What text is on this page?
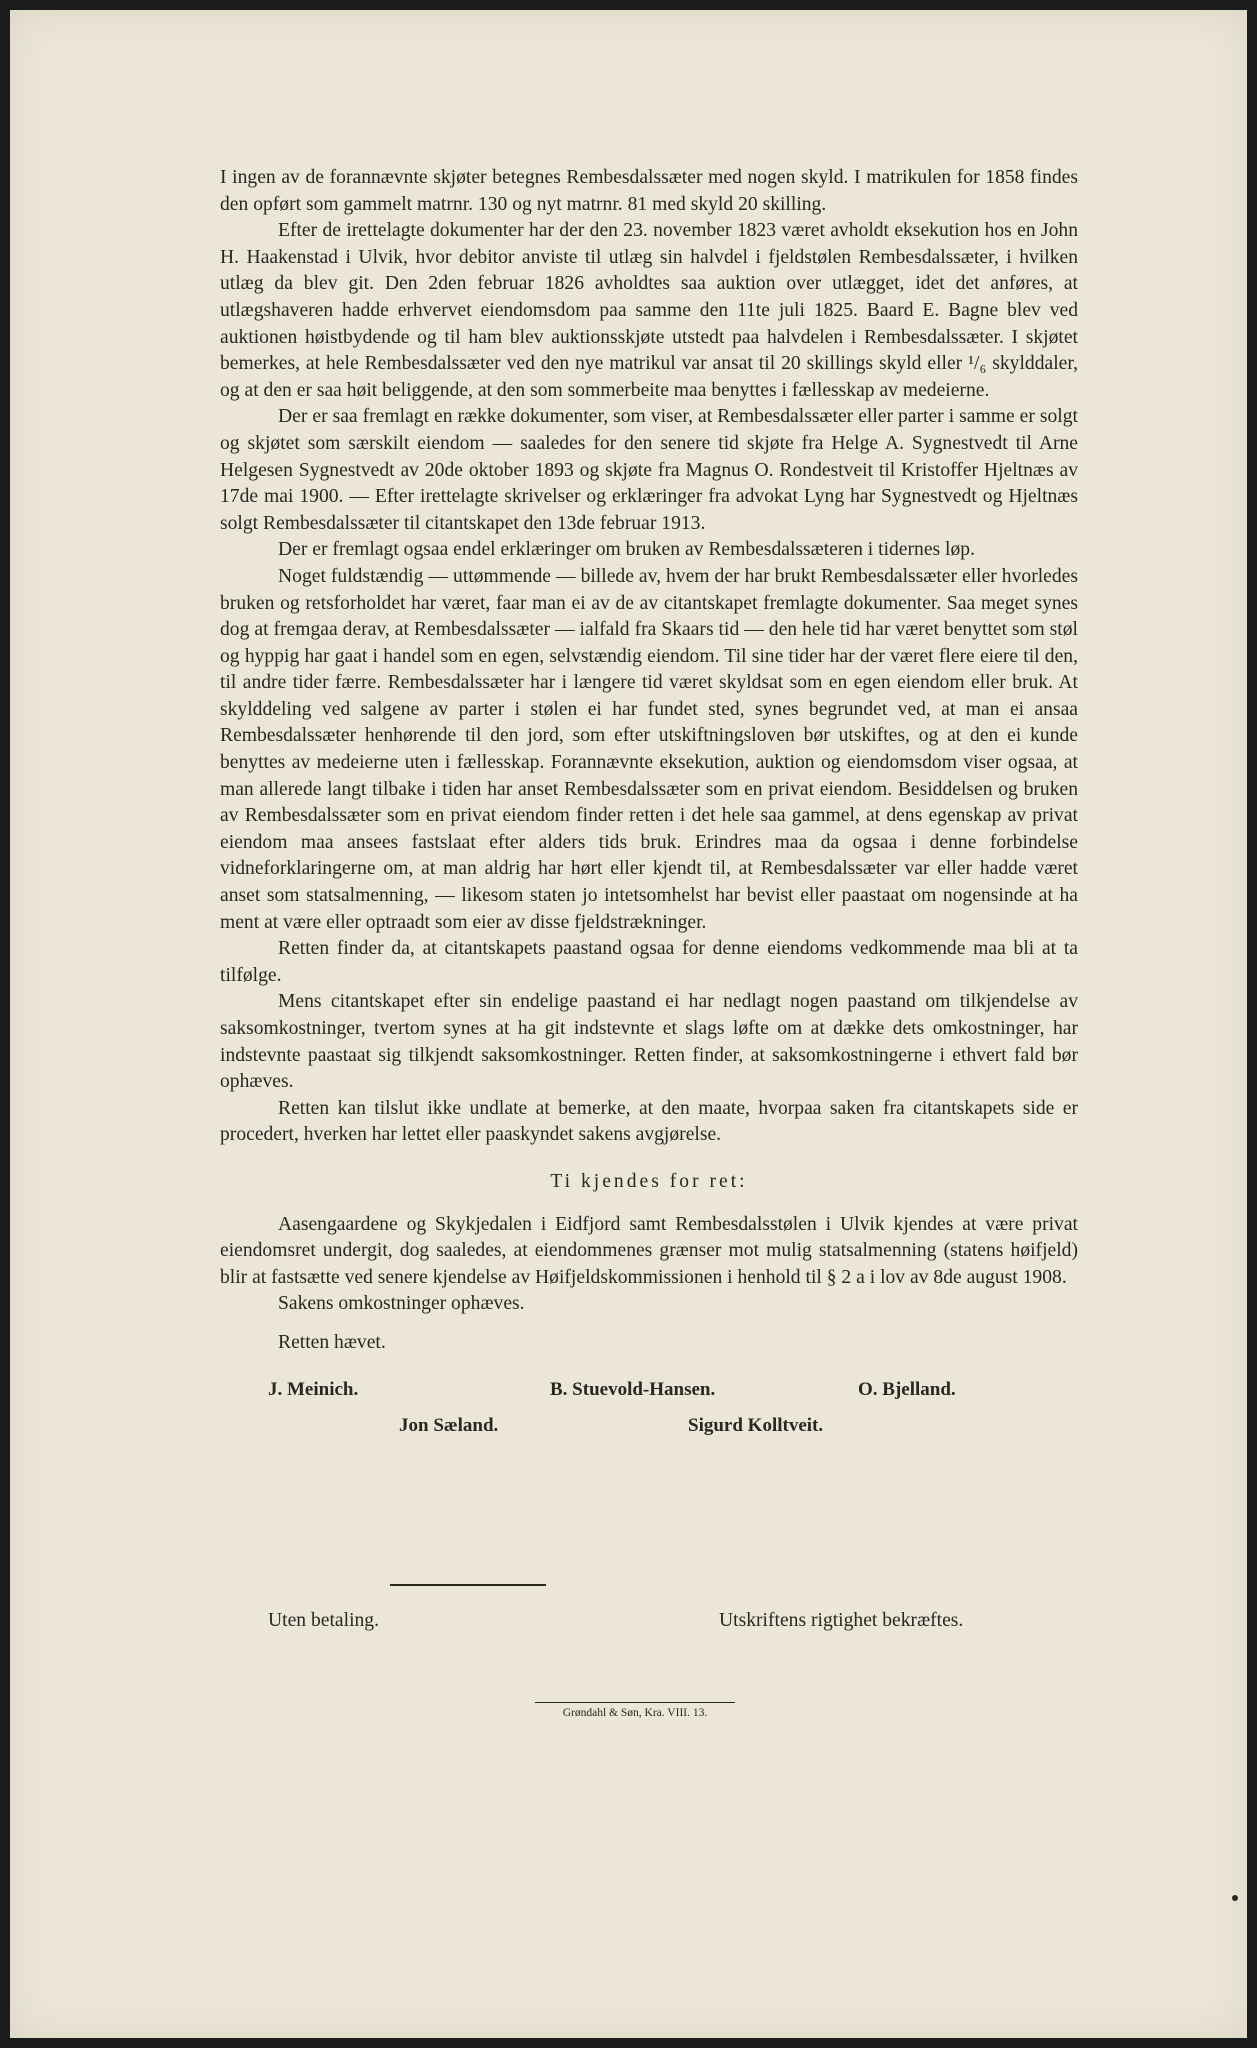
I ingen av de forannævnte skjøter betegnes Rembesdalssæter med nogen skyld. I matrikulen for 1858 findes den opført som gammelt matrnr. 130 og nyt matrnr. 81 med skyld 20 skilling.

Efter de irettelagte dokumenter har der den 23. november 1823 været avholdt eksekution hos en John H. Haakenstad i Ulvik, hvor debitor anviste til utlæg sin halvdel i fjeldstølen Rembesdalssæter, i hvilken utlæg da blev git. Den 2den februar 1826 avholdtes saa auktion over utlægget, idet det anføres, at utlægshaveren hadde erhvervet eiendomsdom paa samme den 11te juli 1825. Baard E. Bagne blev ved auktionen høistbydende og til ham blev auktionsskjøte utstedt paa halvdelen i Rembesdalssæter. I skjøtet bemerkes, at hele Rembesdalssæter ved den nye matrikul var ansat til 20 skillings skyld eller ¹/₆ skylddaler, og at den er saa høit beliggende, at den som sommerbeite maa benyttes i fællesskap av medeierne.

Der er saa fremlagt en række dokumenter, som viser, at Rembesdalssæter eller parter i samme er solgt og skjøtet som særskilt eiendom — saaledes for den senere tid skjøte fra Helge A. Sygnestvedt til Arne Helgesen Sygnestvedt av 20de oktober 1893 og skjøte fra Magnus O. Rondestveit til Kristoffer Hjeltnæs av 17de mai 1900. — Efter irettelagte skrivelser og erklæringer fra advokat Lyng har Sygnestvedt og Hjeltnæs solgt Rembesdalssæter til citantskapet den 13de februar 1913.

Der er fremlagt ogsaa endel erklæringer om bruken av Rembesdalssæteren i tidernes løp.

Noget fuldstændig — uttømmende — billede av, hvem der har brukt Rembesdalssæter eller hvorledes bruken og retsforholdet har været, faar man ei av de av citantskapet fremlagte dokumenter. Saa meget synes dog at fremgaa derav, at Rembesdalssæter — ialfald fra Skaars tid — den hele tid har været benyttet som støl og hyppig har gaat i handel som en egen, selvstændig eiendom. Til sine tider har der været flere eiere til den, til andre tider færre. Rembesdalssæter har i længere tid været skyldsat som en egen eiendom eller bruk. At skylddeling ved salgene av parter i stølen ei har fundet sted, synes begrundet ved, at man ei ansaa Rembesdalssæter henhørende til den jord, som efter utskiftningsloven bør utskiftes, og at den ei kunde benyttes av medeierne uten i fællesskap. Forannævnte eksekution, auktion og eiendomsdom viser ogsaa, at man allerede langt tilbake i tiden har anset Rembesdalssæter som en privat eiendom. Besiddelsen og bruken av Rembesdalssæter som en privat eiendom finder retten i det hele saa gammel, at dens egenskap av privat eiendom maa ansees fastslaat efter alders tids bruk. Erindres maa da ogsaa i denne forbindelse vidneforklaringerne om, at man aldrig har hørt eller kjendt til, at Rembesdalssæter var eller hadde været anset som statsalmenning, — likesom staten jo intetsomhelst har bevist eller paastaat om nogensinde at ha ment at være eller optraadt som eier av disse fjeldstrækninger.

Retten finder da, at citantskapets paastand ogsaa for denne eiendoms vedkommende maa bli at ta tilfølge.

Mens citantskapet efter sin endelige paastand ei har nedlagt nogen paastand om tilkjendelse av saksomkostninger, tvertom synes at ha git indstevnte et slags løfte om at dække dets omkostninger, har indstevnte paastaat sig tilkjendt saksomkostninger. Retten finder, at saksomkostningerne i ethvert fald bør ophæves.

Retten kan tilslut ikke undlate at bemerke, at den maate, hvorpaa saken fra citantskapets side er procedert, hverken har lettet eller paaskyndet sakens avgjørelse.

Ti kjendes for ret:

Aasengaardene og Skykjedalen i Eidfjord samt Rembesdalsstølen i Ulvik kjendes at være privat eiendomsret undergit, dog saaledes, at eiendommenes grænser mot mulig statsalmenning (statens høifjeld) blir at fastsætte ved senere kjendelse av Høifjeldskommissionen i henhold til § 2 a i lov av 8de august 1908.

Sakens omkostninger ophæves.

Retten hævet.

J. Meinich.	B. Stuevold-Hansen.	O. Bjelland.
Jon Sæland.	Sigurd Kolltveit.
Uten betaling.	Utskriftens rigtighet bekræftes.
Grøndahl & Søn, Kra. VIII. 13.
